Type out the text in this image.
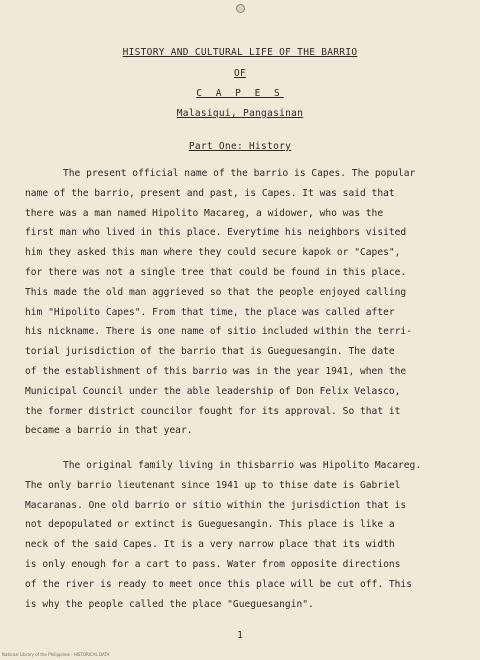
HISTORY AND CULTURAL LIFE OF THE BARRIO
OF
C A P E S
Malasiqui, Pangasinan
Part One: History
The present official name of the barrio is Capes. The popular
name of the barrio, present and past, is Capes. It was said that
there was a man named Hipolito Macareg, a widower, who was the
first man who lived in this place. Everytime his neighbors visited
him they asked this man where they could secure kapok or "Capes",
for there was not a single tree that could be found in this place.
This made the old man aggrieved so that the people enjoyed calling
him "Hipolito Capes". From that time, the place was called after
his nickname. There is one name of sitio included within the terri-
torial jurisdiction of the barrio that is Gueguesangin. The date
of the establishment of this barrio was in the year 1941, when the
Municipal Council under the able leadership of Don Felix Velasco,
the former district councilor fought for its approval. So that it
became a barrio in that year.
The original family living in thisbarrio was Hipolito Macareg.
The only barrio lieutenant since 1941 up to thise date is Gabriel
Macaranas. One old barrio or sitio within the jurisdiction that is
not depopulated or extinct is Gueguesangin. This place is like a
neck of the said Capes. It is a very narrow place that its width
is only enough for a cart to pass. Water from opposite directions
of the river is ready to meet once this place will be cut off. This
is why the people called the place "Gueguesangin".
1
National Library of the Philippines - HISTORICAL DATA
